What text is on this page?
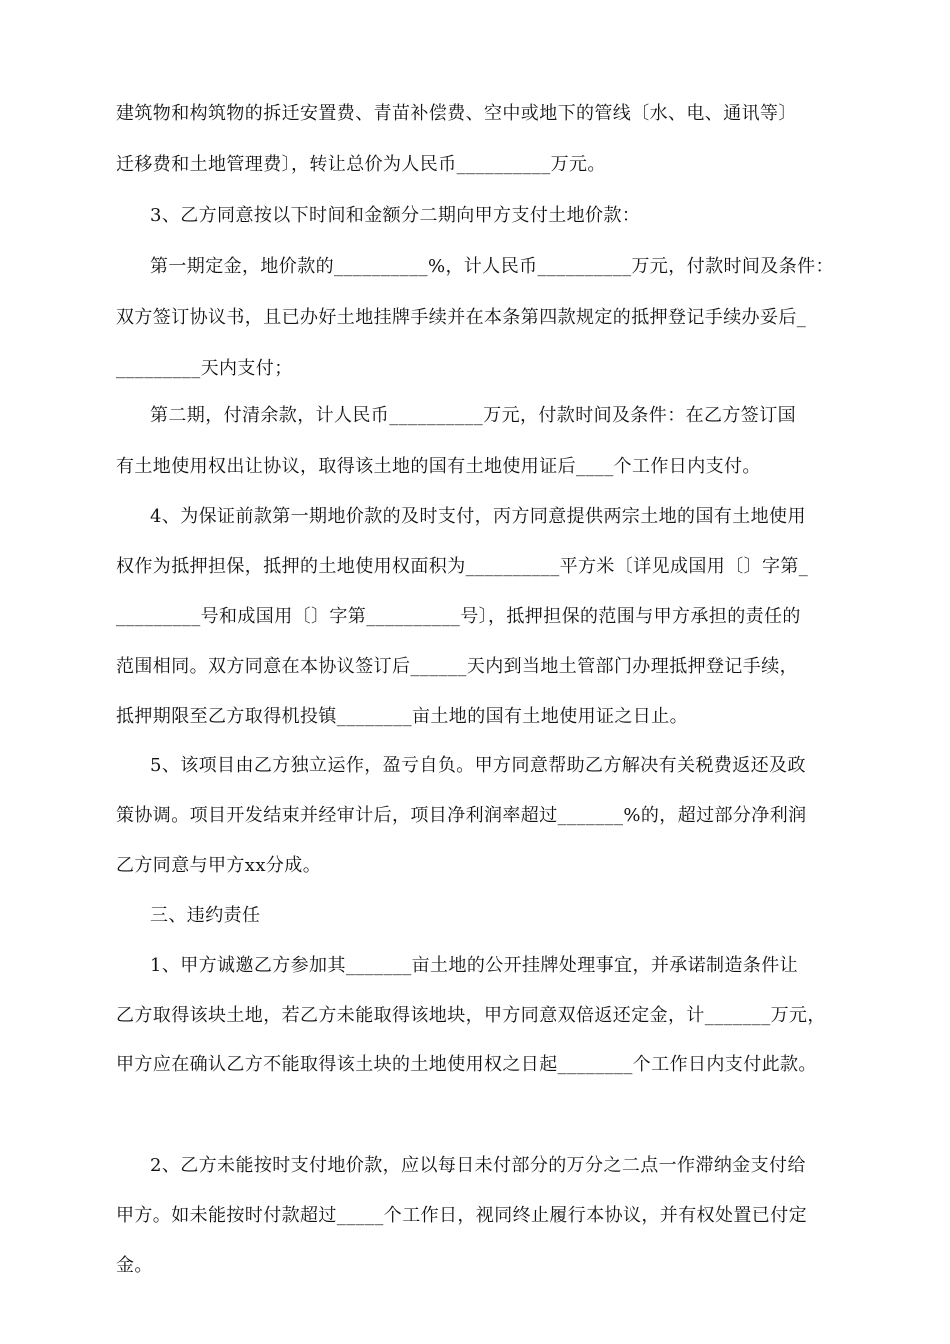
建筑物和构筑物的拆迁安置费、青苗补偿费、空中或地下的管线〔水、电、通讯等〕
迁移费和土地管理费〕，转让总价为人民币__________万元。
3、乙方同意按以下时间和金额分二期向甲方支付土地价款：
第一期定金，地价款的__________%，计人民币__________万元，付款时间及条件：
双方签订协议书，且已办好土地挂牌手续并在本条第四款规定的抵押登记手续办妥后_
_________天内支付；
第二期，付清余款，计人民币__________万元，付款时间及条件：在乙方签订国
有土地使用权出让协议，取得该土地的国有土地使用证后____个工作日内支付。
4、为保证前款第一期地价款的及时支付，丙方同意提供两宗土地的国有土地使用
权作为抵押担保，抵押的土地使用权面积为__________平方米〔详见成国用〔〕字第_
_________号和成国用〔〕字第__________号〕，抵押担保的范围与甲方承担的责任的
范围相同。双方同意在本协议签订后______天内到当地土管部门办理抵押登记手续，
抵押期限至乙方取得机投镇________亩土地的国有土地使用证之日止。
5、该项目由乙方独立运作，盈亏自负。甲方同意帮助乙方解决有关税费返还及政
策协调。项目开发结束并经审计后，项目净利润率超过_______%的，超过部分净利润
乙方同意与甲方xx分成。
三、违约责任
1、甲方诚邀乙方参加其_______亩土地的公开挂牌处理事宜，并承诺制造条件让
乙方取得该块土地，若乙方未能取得该地块，甲方同意双倍返还定金，计_______万元，
甲方应在确认乙方不能取得该土块的土地使用权之日起________个工作日内支付此款。
2、乙方未能按时支付地价款，应以每日未付部分的万分之二点一作滞纳金支付给
甲方。如未能按时付款超过_____个工作日，视同终止履行本协议，并有权处置已付定
金。
